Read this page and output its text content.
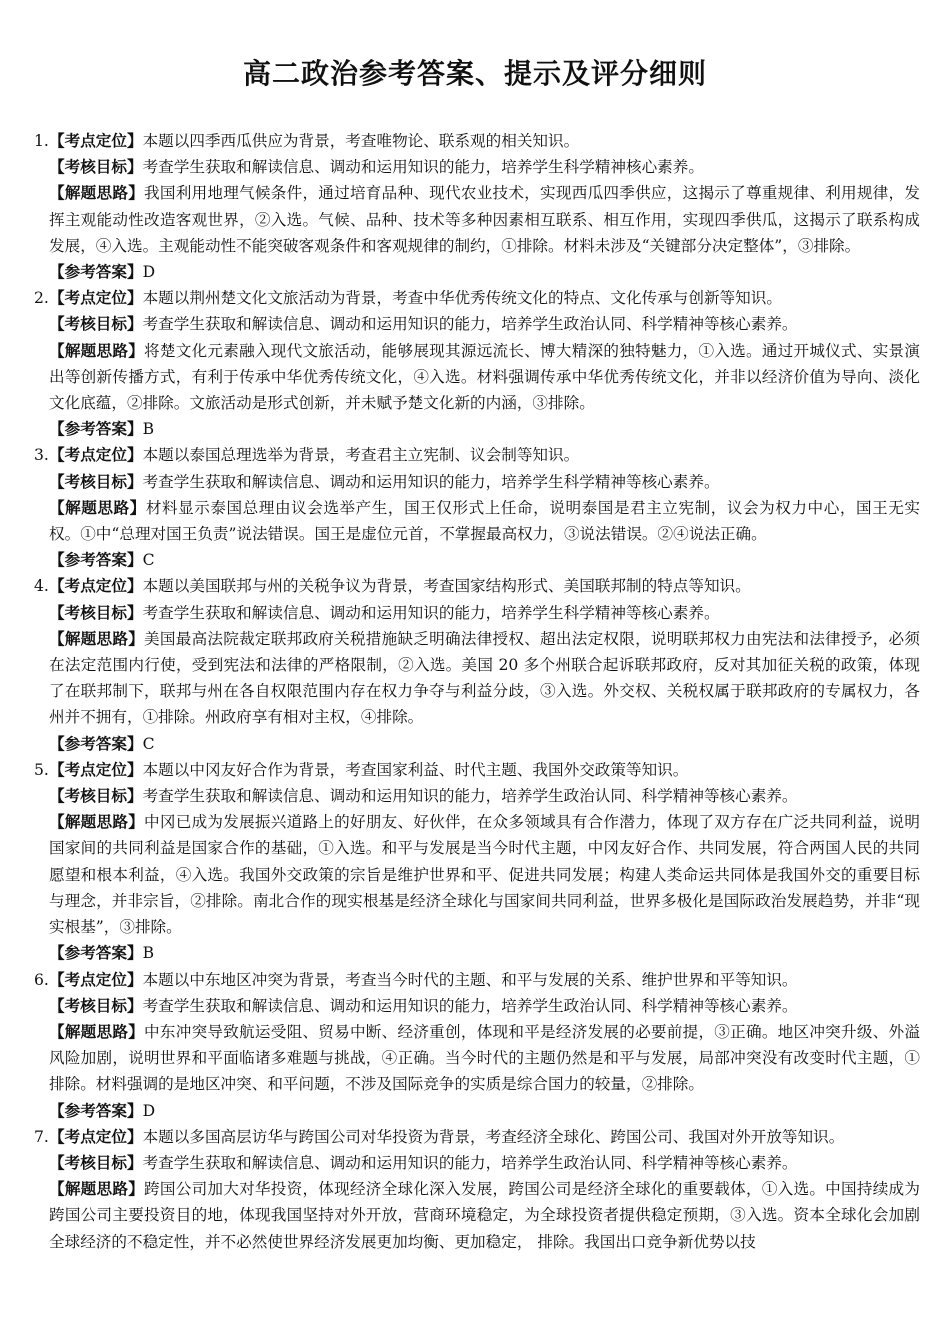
高二政治参考答案、提示及评分细则

1.【考点定位】本题以四季西瓜供应为背景，考查唯物论、联系观的相关知识。

【考核目标】考查学生获取和解读信息、调动和运用知识的能力，培养学生科学精神核心素养。

【解题思路】我国利用地理气候条件，通过培育品种、现代农业技术，实现西瓜四季供应，这揭示了尊重规律、利用规律，发挥主观能动性改造客观世界，②入选。气候、品种、技术等多种因素相互联系、相互作用，实现四季供瓜，这揭示了联系构成发展，④入选。主观能动性不能突破客观条件和客观规律的制约，①排除。材料未涉及“关键部分决定整体”，③排除。

【参考答案】D

2.【考点定位】本题以荆州楚文化文旅活动为背景，考查中华优秀传统文化的特点、文化传承与创新等知识。

【考核目标】考查学生获取和解读信息、调动和运用知识的能力，培养学生政治认同、科学精神等核心素养。

【解题思路】将楚文化元素融入现代文旅活动，能够展现其源远流长、博大精深的独特魅力，①入选。通过开城仪式、实景演出等创新传播方式，有利于传承中华优秀传统文化，④入选。材料强调传承中华优秀传统文化，并非以经济价值为导向、淡化文化底蕴，②排除。文旅活动是形式创新，并未赋予楚文化新的内涵，③排除。

【参考答案】B

3.【考点定位】本题以泰国总理选举为背景，考查君主立宪制、议会制等知识。

【考核目标】考查学生获取和解读信息、调动和运用知识的能力，培养学生科学精神等核心素养。

【解题思路】材料显示泰国总理由议会选举产生，国王仅形式上任命，说明泰国是君主立宪制，议会为权力中心，国王无实权。①中“总理对国王负责”说法错误。国王是虚位元首，不掌握最高权力，③说法错误。②④说法正确。

【参考答案】C

4.【考点定位】本题以美国联邦与州的关税争议为背景，考查国家结构形式、美国联邦制的特点等知识。

【考核目标】考查学生获取和解读信息、调动和运用知识的能力，培养学生科学精神等核心素养。

【解题思路】美国最高法院裁定联邦政府关税措施缺乏明确法律授权、超出法定权限，说明联邦权力由宪法和法律授予，必须在法定范围内行使，受到宪法和法律的严格限制，②入选。美国 20 多个州联合起诉联邦政府，反对其加征关税的政策，体现了在联邦制下，联邦与州在各自权限范围内存在权力争夺与利益分歧，③入选。外交权、关税权属于联邦政府的专属权力，各州并不拥有，①排除。州政府享有相对主权，④排除。

【参考答案】C

5.【考点定位】本题以中冈友好合作为背景，考查国家利益、时代主题、我国外交政策等知识。

【考核目标】考查学生获取和解读信息、调动和运用知识的能力，培养学生政治认同、科学精神等核心素养。

【解题思路】中冈已成为发展振兴道路上的好朋友、好伙伴，在众多领域具有合作潜力，体现了双方存在广泛共同利益，说明国家间的共同利益是国家合作的基础，①入选。和平与发展是当今时代主题，中冈友好合作、共同发展，符合两国人民的共同愿望和根本利益，④入选。我国外交政策的宗旨是维护世界和平、促进共同发展；构建人类命运共同体是我国外交的重要目标与理念，并非宗旨，②排除。南北合作的现实根基是经济全球化与国家间共同利益，世界多极化是国际政治发展趋势，并非“现实根基”，③排除。

【参考答案】B

6.【考点定位】本题以中东地区冲突为背景，考查当今时代的主题、和平与发展的关系、维护世界和平等知识。

【考核目标】考查学生获取和解读信息、调动和运用知识的能力，培养学生政治认同、科学精神等核心素养。

【解题思路】中东冲突导致航运受阻、贸易中断、经济重创，体现和平是经济发展的必要前提，③正确。地区冲突升级、外溢风险加剧，说明世界和平面临诸多难题与挑战，④正确。当今时代的主题仍然是和平与发展，局部冲突没有改变时代主题，①排除。材料强调的是地区冲突、和平问题，不涉及国际竞争的实质是综合国力的较量，②排除。

【参考答案】D

7.【考点定位】本题以多国高层访华与跨国公司对华投资为背景，考查经济全球化、跨国公司、我国对外开放等知识。

【考核目标】考查学生获取和解读信息、调动和运用知识的能力，培养学生政治认同、科学精神等核心素养。

【解题思路】跨国公司加大对华投资，体现经济全球化深入发展，跨国公司是经济全球化的重要载体，①入选。中国持续成为跨国公司主要投资目的地，体现我国坚持对外开放，营商环境稳定，为全球投资者提供稳定预期，③入选。资本全球化会加剧全球经济的不稳定性，并不必然使世界经济发展更加均衡、更加稳定， 排除。我国出口竞争新优势以技
